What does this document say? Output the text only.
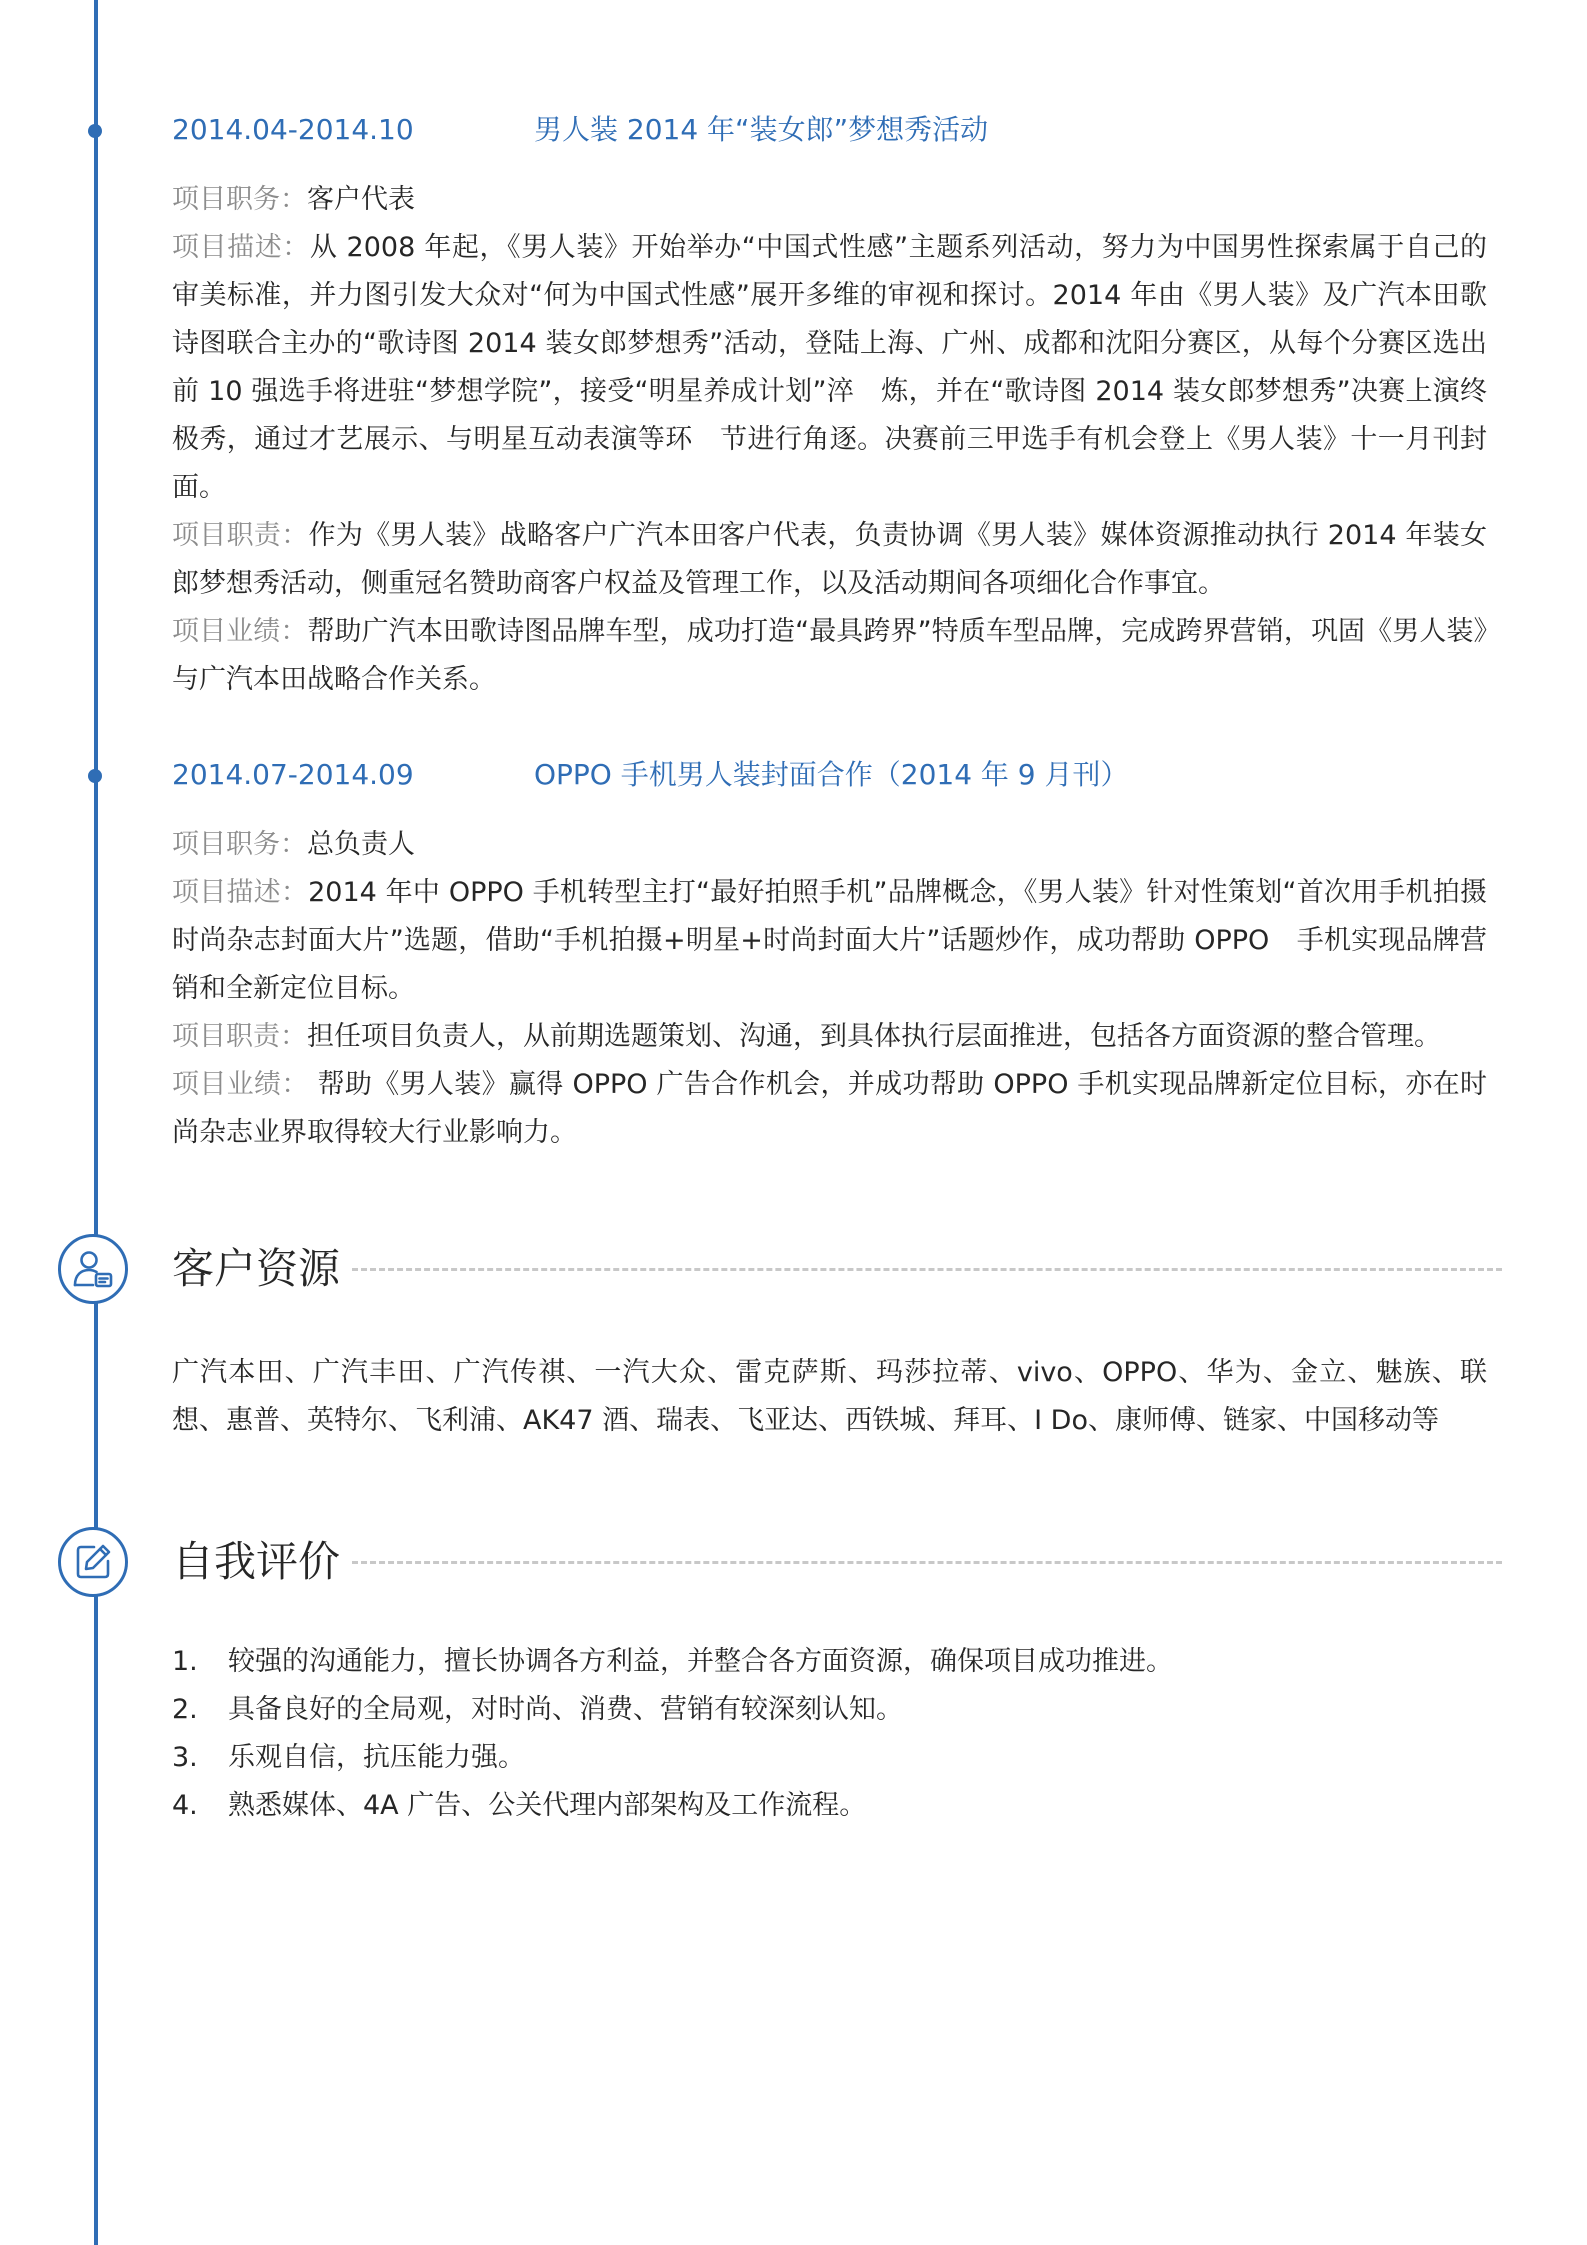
2014.04-2014.10	男人装 2014 年“装女郎”梦想秀活动

项目职务：客户代表

项目描述：从 2008 年起，《男人装》开始举办“中国式性感”主题系列活动，努力为中国男性探索属于自己的审美标准，并力图引发大众对“何为中国式性感”展开多维的审视和探讨。2014 年由《男人装》及广汽本田歌诗图联合主办的“歌诗图 2014 装女郎梦想秀”活动，登陆上海、广州、成都和沈阳分赛区，从每个分赛区选出前 10 强选手将进驻“梦想学院”，接受“明星养成计划”淬　炼，并在“歌诗图 2014 装女郎梦想秀”决赛上演终极秀，通过才艺展示、与明星互动表演等环　节进行角逐。决赛前三甲选手有机会登上《男人装》十一月刊封面。

项目职责：作为《男人装》战略客户广汽本田客户代表，负责协调《男人装》媒体资源推动执行 2014 年装女郎梦想秀活动，侧重冠名赞助商客户权益及管理工作，以及活动期间各项细化合作事宜。

项目业绩：帮助广汽本田歌诗图品牌车型，成功打造“最具跨界”特质车型品牌，完成跨界营销，巩固《男人装》与广汽本田战略合作关系。

2014.07-2014.09	OPPO 手机男人装封面合作（2014 年 9 月刊）

项目职务：总负责人

项目描述：2014 年中 OPPO 手机转型主打“最好拍照手机”品牌概念，《男人装》针对性策划“首次用手机拍摄时尚杂志封面大片”选题，借助“手机拍摄+明星+时尚封面大片”话题炒作，成功帮助 OPPO　手机实现品牌营销和全新定位目标。

项目职责：担任项目负责人，从前期选题策划、沟通，到具体执行层面推进，包括各方面资源的整合管理。

项目业绩： 帮助《男人装》赢得 OPPO 广告合作机会，并成功帮助 OPPO 手机实现品牌新定位目标，亦在时尚杂志业界取得较大行业影响力。

客户资源

广汽本田、广汽丰田、广汽传祺、一汽大众、雷克萨斯、玛莎拉蒂、vivo、OPPO、华为、金立、魅族、联想、惠普、英特尔、飞利浦、AK47 酒、瑞表、飞亚达、西铁城、拜耳、I Do、康师傅、链家、中国移动等

自我评价
1. 较强的沟通能力，擅长协调各方利益，并整合各方面资源，确保项目成功推进。
2. 具备良好的全局观，对时尚、消费、营销有较深刻认知。
3. 乐观自信，抗压能力强。
4. 熟悉媒体、4A 广告、公关代理内部架构及工作流程。
